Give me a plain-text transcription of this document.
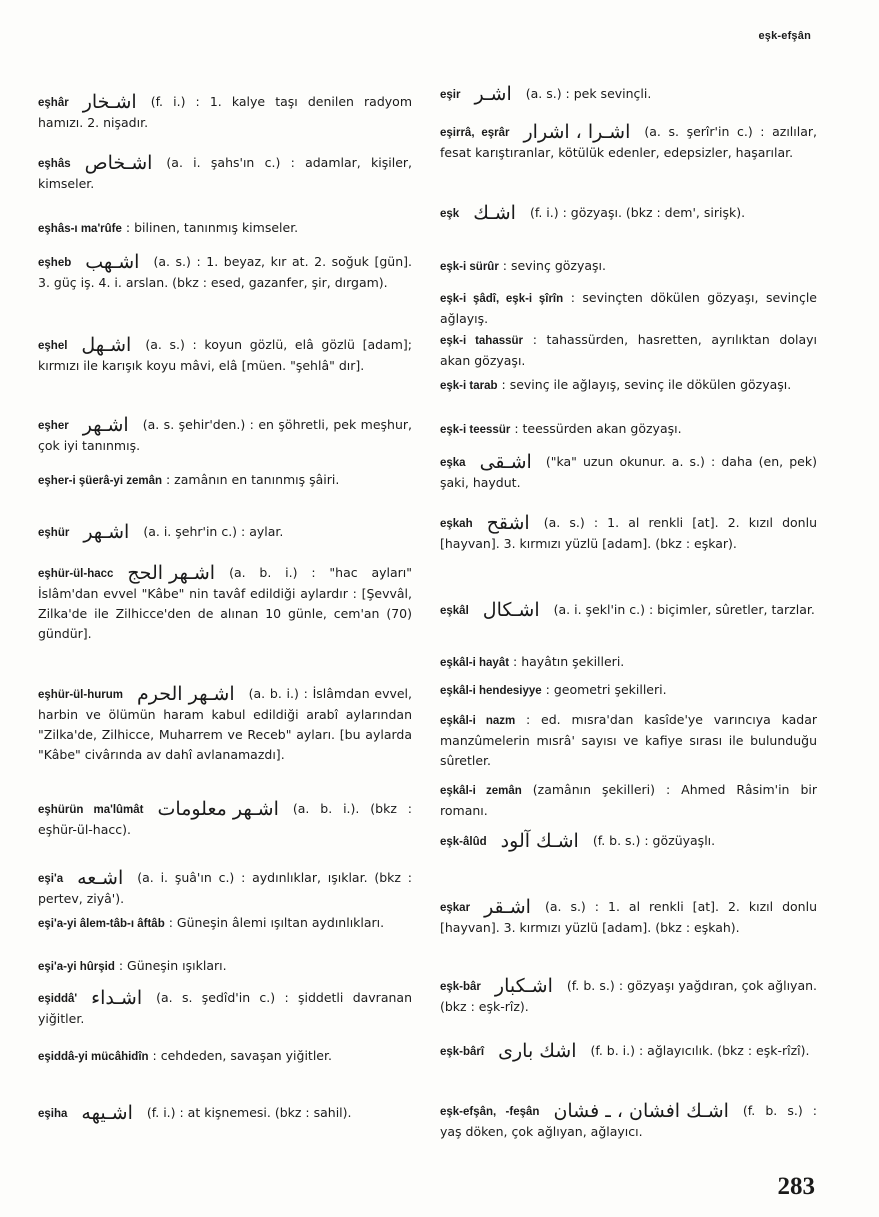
eşk-efşân
eşhâr اشـخار (f. i.) : 1. kalye taşı denilen radyom hamızı. 2. nişadır.
eşhâs اشـخاص (a. i. şahs'ın c.) : adamlar, kişiler, kimseler.
eşhâs-ı ma'rûfe : bilinen, tanınmış kimseler.
eşheb اشـهب (a. s.) : 1. beyaz, kır at. 2. soğuk [gün]. 3. güç iş. 4. i. arslan. (bkz : esed, gazanfer, şir, dırgam).
eşhel اشـهل (a. s.) : koyun gözlü, elâ gözlü [adam]; kırmızı ile karışık koyu mâvi, elâ [müen. "şehlâ" dır].
eşher اشـهر (a. s. şehir'den.) : en şöhretli, pek meşhur, çok iyi tanınmış.
eşher-i şüerâ-yi zemân : zamânın en tanınmış şâiri.
eşhür اشـهر (a. i. şehr'in c.) : aylar.
eşhür-ül-hacc اشـهر الحج (a. b. i.) : "hac ayları" İslâm'dan evvel "Kâbe" nin tavâf edildiği aylardır : [Şevvâl, Zilka'de ile Zilhicce'den de alınan 10 günle, cem'an (70) gündür].
eşhür-ül-hurum اشـهر الحرم (a. b. i.) : İslâmdan evvel, harbin ve ölümün haram kabul edildiği arabî aylarından "Zilka'de, Zilhicce, Muharrem ve Receb" ayları. [bu aylarda "Kâbe" civârında av dahî avlanamazdı].
eşhürün ma'lûmât اشـهر معلومات (a. b. i.). (bkz : eşhür-ül-hacc).
eşi'a اشـعه (a. i. şuâ'ın c.) : aydınlıklar, ışıklar. (bkz : pertev, ziyâ').
eşi'a-yi âlem-tâb-ı âftâb : Güneşin âlemi ışıltan aydınlıkları.
eşi'a-yi hûrşid : Güneşin ışıkları.
eşiddâ' اشـداء (a. s. şedîd'in c.) : şiddetli davranan yiğitler.
eşiddâ-yi mücâhidîn : cehdeden, savaşan yiğitler.
eşiha اشـيهه (f. i.) : at kişnemesi. (bkz : sahil).
eşir اشـر (a. s.) : pek sevinçli.
eşirrâ, eşrâr اشـرا ، اشرار (a. s. şerîr'in c.) : azılılar, fesat karıştıranlar, kötülük edenler, edepsizler, haşarılar.
eşk اشـك (f. i.) : gözyaşı. (bkz : dem', sirişk).
eşk-i sürûr : sevinç gözyaşı.
eşk-i şâdî, eşk-i şîrîn : sevinçten dökülen gözyaşı, sevinçle ağlayış.
eşk-i tahassür : tahassürden, hasretten, ayrılıktan dolayı akan gözyaşı.
eşk-i tarab : sevinç ile ağlayış, sevinç ile dökülen gözyaşı.
eşk-i teessür : teessürden akan gözyaşı.
eşka اشـقى ("ka" uzun okunur. a. s.) : daha (en, pek) şaki, haydut.
eşkah اشقح (a. s.) : 1. al renkli [at]. 2. kızıl donlu [hayvan]. 3. kırmızı yüzlü [adam]. (bkz : eşkar).
eşkâl اشـكال (a. i. şekl'in c.) : biçimler, sûretler, tarzlar.
eşkâl-i hayât : hayâtın şekilleri.
eşkâl-i hendesiyye : geometri şekilleri.
eşkâl-i nazm : ed. mısra'dan kasîde'ye varıncıya kadar manzûmelerin mısrâ' sayısı ve kafiye sırası ile bulunduğu sûretler.
eşkâl-i zemân (zamânın şekilleri) : Ahmed Râsim'in bir romanı.
eşk-âlûd اشـك آلود (f. b. s.) : gözüyaşlı.
eşkar اشـقر (a. s.) : 1. al renkli [at]. 2. kızıl donlu [hayvan]. 3. kırmızı yüzlü [adam]. (bkz : eşkah).
eşk-bâr اشـكبار (f. b. s.) : gözyaşı yağdıran, çok ağlıyan. (bkz : eşk-rîz).
eşk-bârî اشك بارى (f. b. i.) : ağlayıcılık. (bkz : eşk-rîzî).
eşk-efşân, -feşân اشـك افشان ، ـ فشان (f. b. s.) : yaş döken, çok ağlıyan, ağlayıcı.
283
